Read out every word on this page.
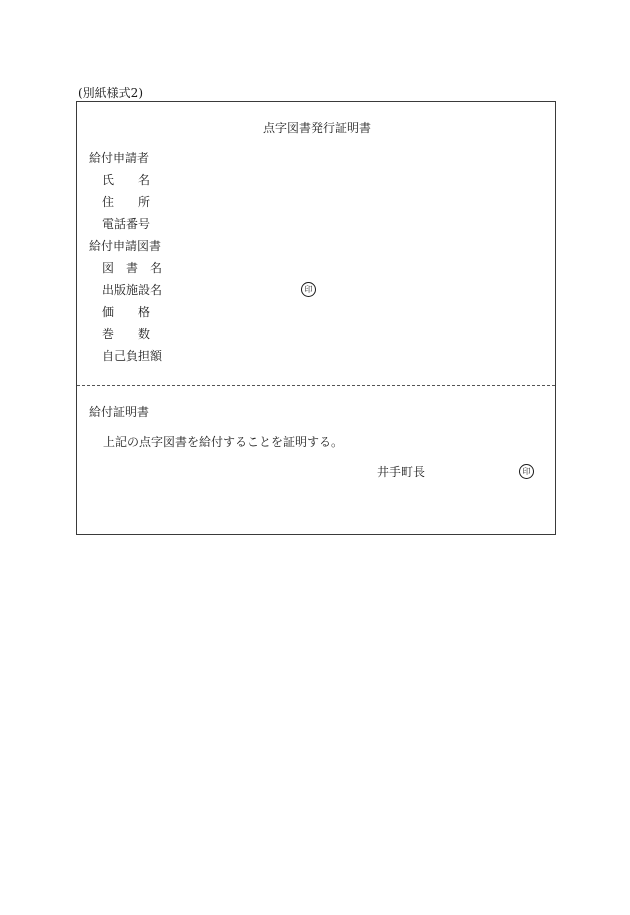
(別紙様式2)
点字図書発行証明書
給付申請者
氏 名
住 所
電話番号
給付申請図書
図 書 名
出版施設名	印
価 格
巻 数
自己負担額
給付証明書
上記の点字図書を給付することを証明する。
井手町長	印
